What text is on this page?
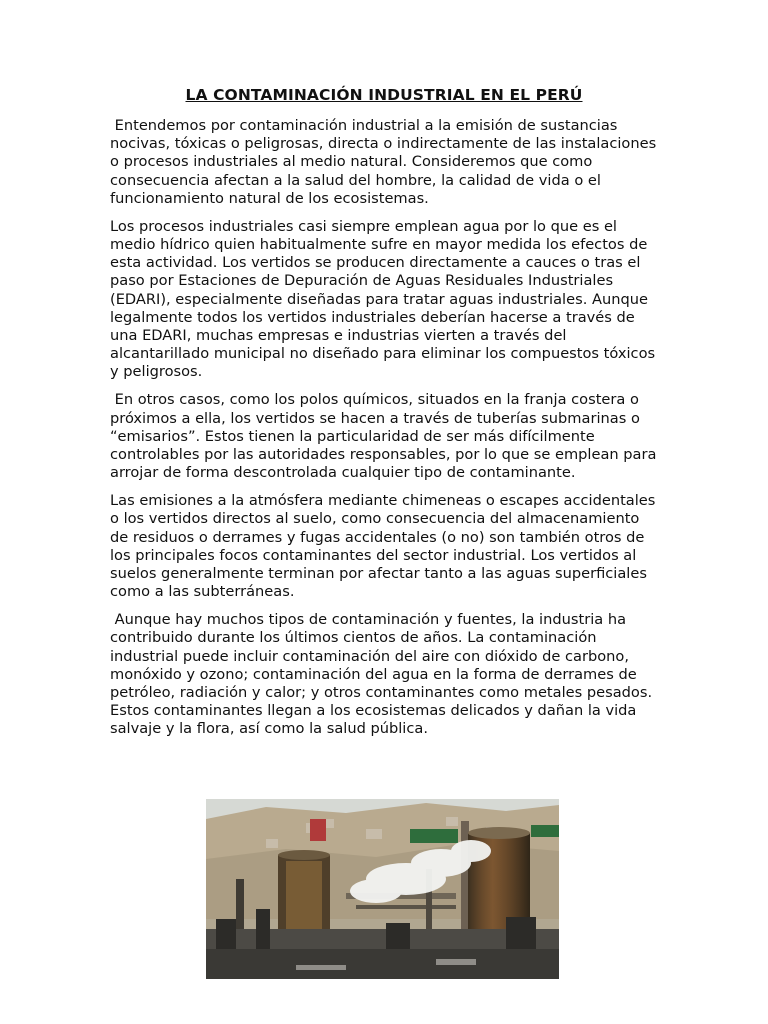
LA CONTAMINACIÓN INDUSTRIAL EN EL PERÚ

Entendemos por contaminación industrial a la emisión de sustancias nocivas, tóxicas o peligrosas, directa o indirectamente de las instalaciones o procesos industriales al medio natural. Consideremos que como consecuencia afectan a la salud del hombre, la calidad de vida o el funcionamiento natural de los ecosistemas.

Los procesos industriales casi siempre emplean agua por lo que es el medio hídrico quien habitualmente sufre en mayor medida los efectos de esta actividad. Los vertidos se producen directamente a cauces o tras el paso por Estaciones de Depuración de Aguas Residuales Industriales (EDARI), especialmente diseñadas para tratar aguas industriales. Aunque legalmente todos los vertidos industriales deberían hacerse a través de una EDARI, muchas empresas e industrias vierten a través del alcantarillado municipal no diseñado para eliminar los compuestos tóxicos y peligrosos.

En otros casos, como los polos químicos, situados en la franja costera o próximos a ella, los vertidos se hacen a través de tuberías submarinas o “emisarios”. Estos tienen la particularidad de ser más difícilmente controlables por las autoridades responsables, por lo que se emplean para arrojar de forma descontrolada cualquier tipo de contaminante.

Las emisiones a la atmósfera mediante chimeneas o escapes accidentales o los vertidos directos al suelo, como consecuencia del almacenamiento de residuos o derrames y fugas accidentales (o no) son también otros de los principales focos contaminantes del sector industrial. Los vertidos al suelos generalmente terminan por afectar tanto a las aguas superficiales como a las subterráneas.

Aunque hay muchos tipos de contaminación y fuentes, la industria ha contribuido durante los últimos cientos de años. La contaminación industrial puede incluir contaminación del aire con dióxido de carbono, monóxido y ozono; contaminación del agua en la forma de derrames de petróleo, radiación y calor; y otros contaminantes como metales pesados. Estos contaminantes llegan a los ecosistemas delicados y dañan la vida salvaje y la flora, así como la salud pública.
